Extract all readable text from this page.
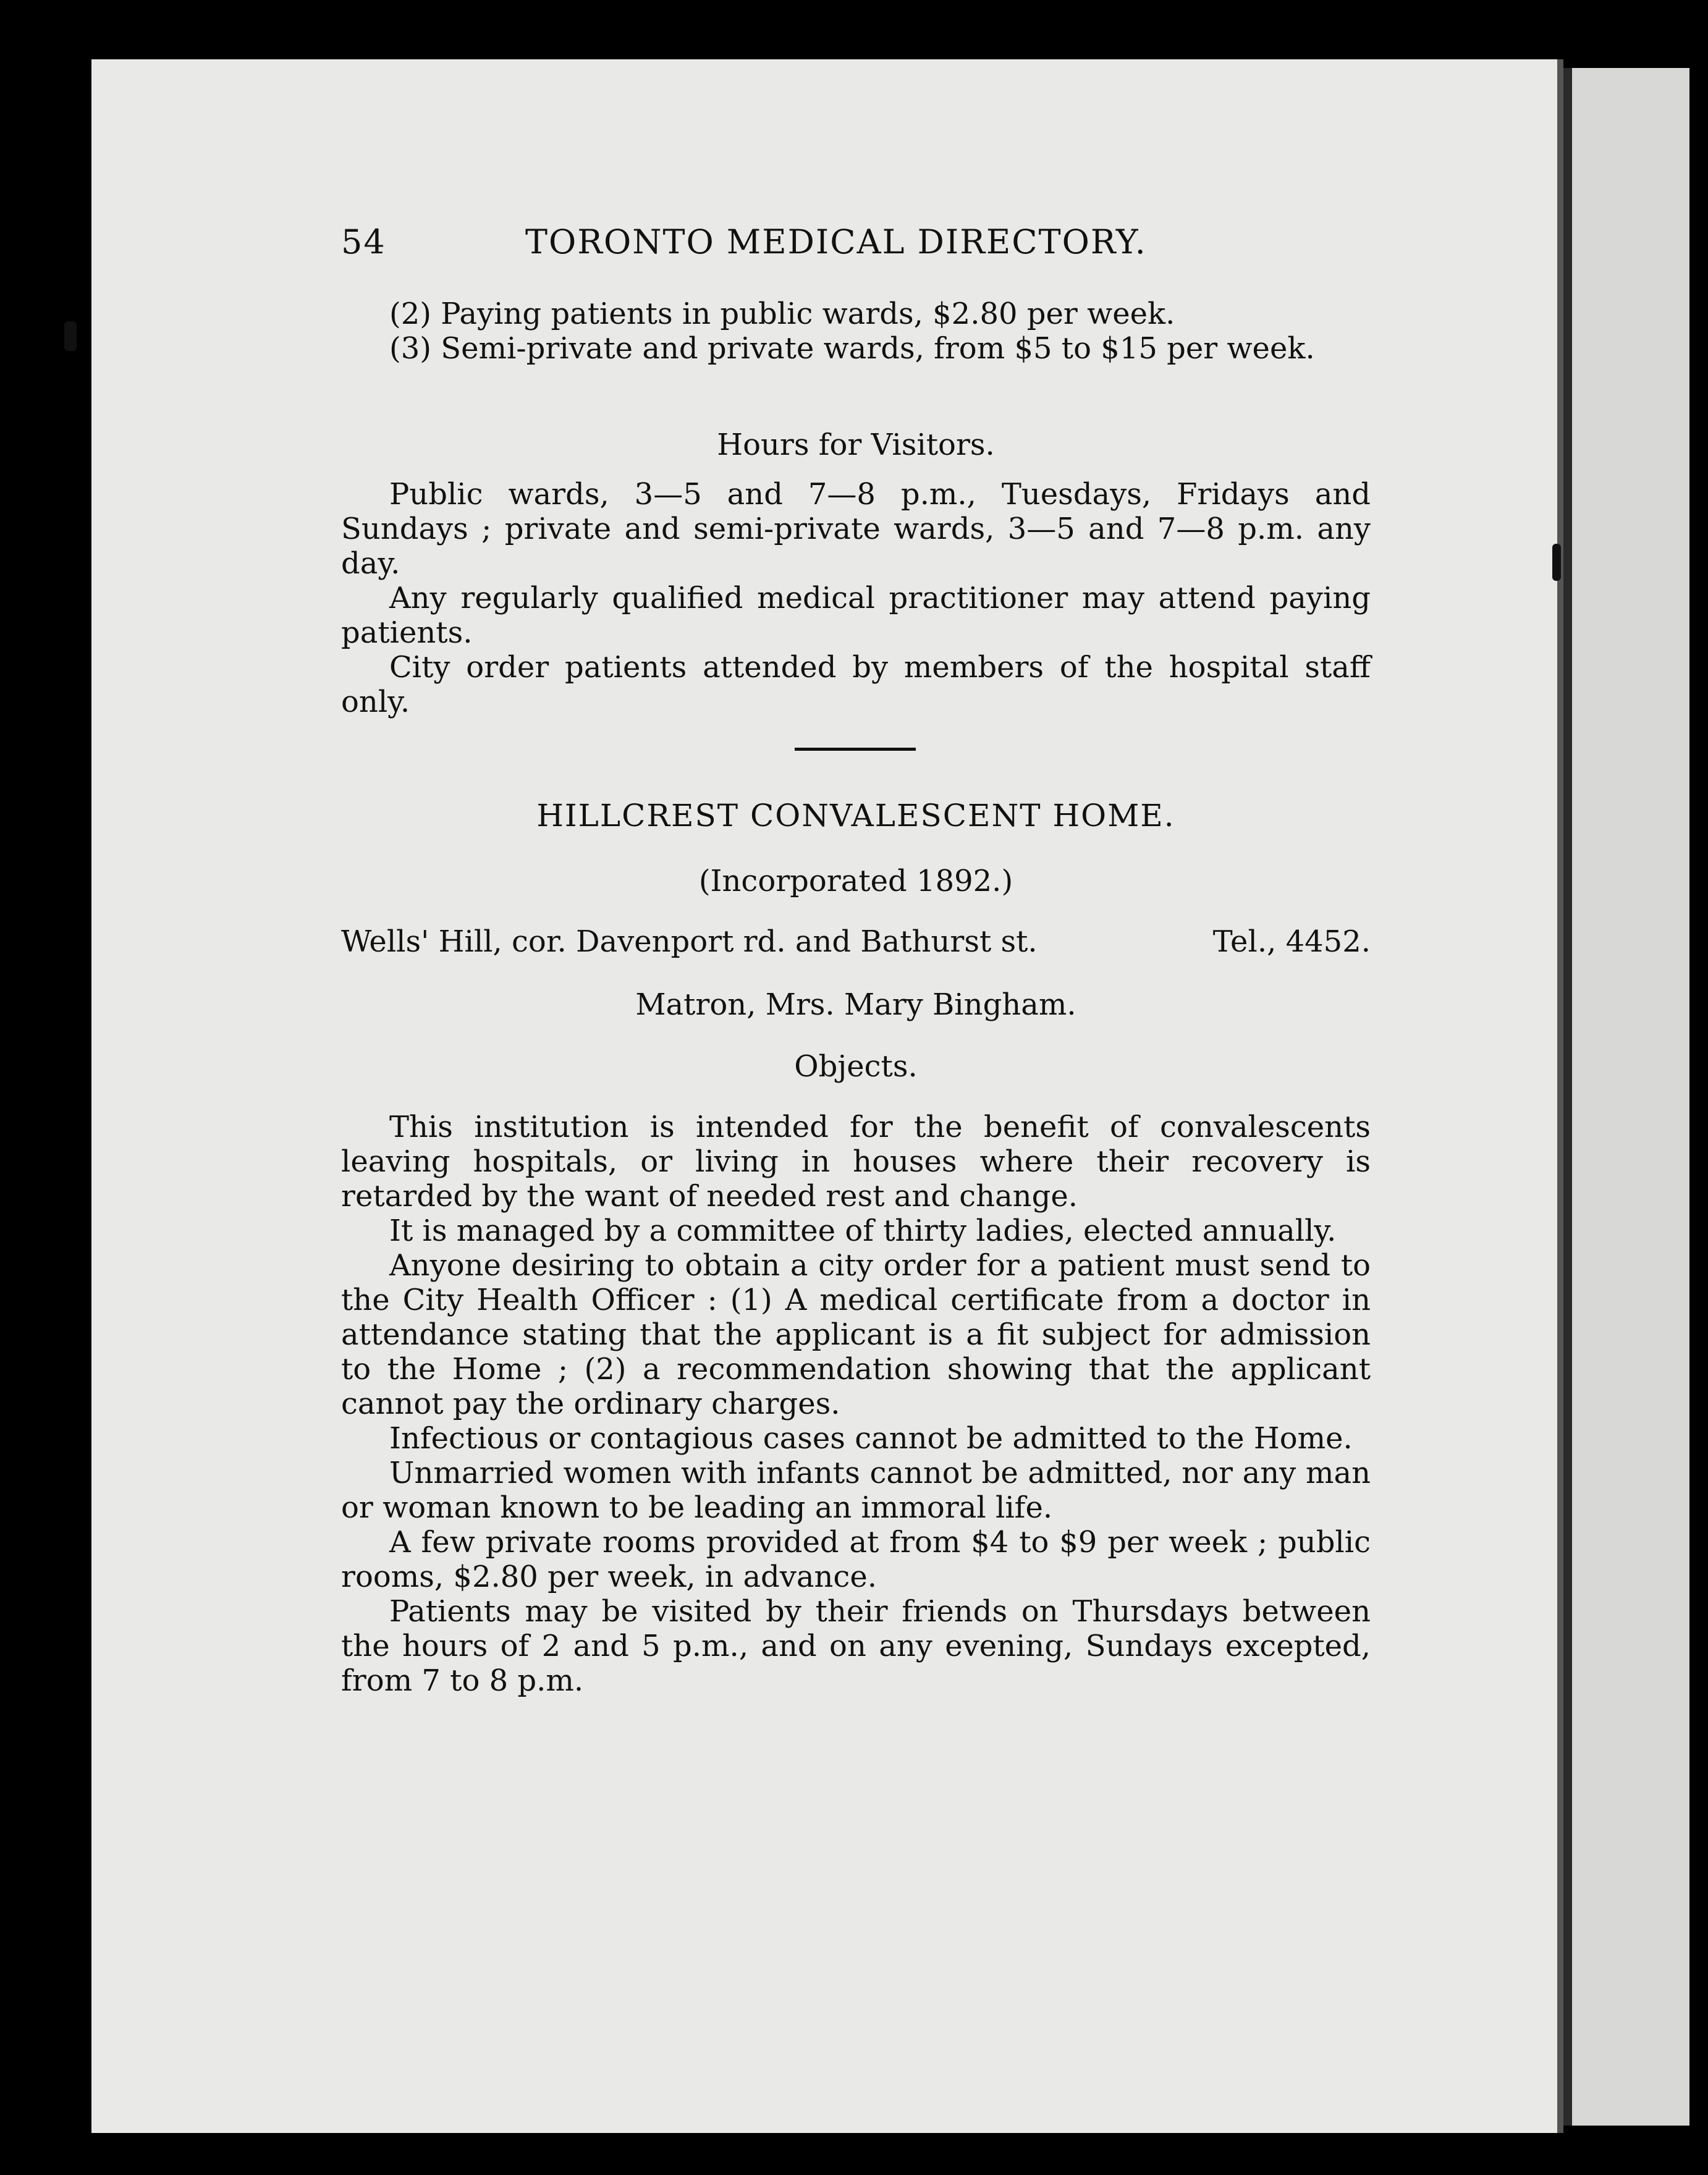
54	TORONTO MEDICAL DIRECTORY.

(2) Paying patients in public wards, $2.80 per week.

(3) Semi-private and private wards, from $5 to $15 per week.

Hours for Visitors.

Public wards, 3—5 and 7—8 p.m., Tuesdays, Fridays and Sundays ; private and semi-private wards, 3—5 and 7—8 p.m. any day.

Any regularly qualified medical practitioner may attend paying patients.

City order patients attended by members of the hospital staff only.

HILLCREST CONVALESCENT HOME.

(Incorporated 1892.)

Wells' Hill, cor. Davenport rd. and Bathurst st.	Tel., 4452.

Matron, Mrs. Mary Bingham.

Objects.

This institution is intended for the benefit of convalescents leaving hospitals, or living in houses where their recovery is retarded by the want of needed rest and change.

It is managed by a committee of thirty ladies, elected annually.

Anyone desiring to obtain a city order for a patient must send to the City Health Officer : (1) A medical certificate from a doctor in attendance stating that the applicant is a fit subject for admission to the Home ; (2) a recommendation showing that the applicant cannot pay the ordinary charges.

Infectious or contagious cases cannot be admitted to the Home.

Unmarried women with infants cannot be admitted, nor any man or woman known to be leading an immoral life.

A few private rooms provided at from $4 to $9 per week ; public rooms, $2.80 per week, in advance.

Patients may be visited by their friends on Thursdays between the hours of 2 and 5 p.m., and on any evening, Sundays excepted, from 7 to 8 p.m.
